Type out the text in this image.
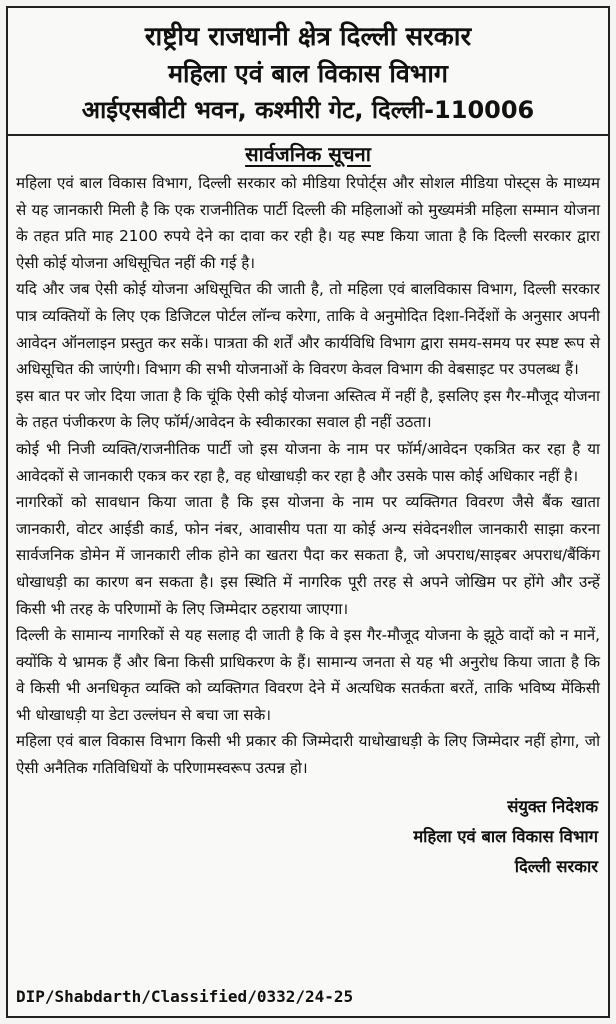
राष्ट्रीय राजधानी क्षेत्र दिल्ली सरकार
महिला एवं बाल विकास विभाग
आईएसबीटी भवन, कश्मीरी गेट, दिल्ली-110006
सार्वजनिक सूचना

महिला एवं बाल विकास विभाग, दिल्ली सरकार को मीडिया रिपोर्ट्स और सोशल मीडिया पोस्ट्स के माध्यम से यह जानकारी मिली है कि एक राजनीतिक पार्टी दिल्ली की महिलाओं को मुख्यमंत्री महिला सम्मान योजना के तहत प्रति माह 2100 रुपये देने का दावा कर रही है। यह स्पष्ट किया जाता है कि दिल्ली सरकार द्वारा ऐसी कोई योजना अधिसूचित नहीं की गई है।

यदि और जब ऐसी कोई योजना अधिसूचित की जाती है, तो महिला एवं बालविकास विभाग, दिल्ली सरकार पात्र व्यक्तियों के लिए एक डिजिटल पोर्टल लॉन्च करेगा, ताकि वे अनुमोदित दिशा-निर्देशों के अनुसार अपनी आवेदन ऑनलाइन प्रस्तुत कर सकें। पात्रता की शर्तें और कार्यविधि विभाग द्वारा समय-समय पर स्पष्ट रूप से अधिसूचित की जाएंगी। विभाग की सभी योजनाओं के विवरण केवल विभाग की वेबसाइट पर उपलब्ध हैं।

इस बात पर जोर दिया जाता है कि चूंकि ऐसी कोई योजना अस्तित्व में नहीं है, इसलिए इस गैर-मौजूद योजना के तहत पंजीकरण के लिए फॉर्म/आवेदन के स्वीकारका सवाल ही नहीं उठता।

कोई भी निजी व्यक्ति/राजनीतिक पार्टी जो इस योजना के नाम पर फॉर्म/आवेदन एकत्रित कर रहा है या आवेदकों से जानकारी एकत्र कर रहा है, वह धोखाधड़ी कर रहा है और उसके पास कोई अधिकार नहीं है।

नागरिकों को सावधान किया जाता है कि इस योजना के नाम पर व्यक्तिगत विवरण जैसे बैंक खाता जानकारी, वोटर आईडी कार्ड, फोन नंबर, आवासीय पता या कोई अन्य संवेदनशील जानकारी साझा करना सार्वजनिक डोमेन में जानकारी लीक होने का खतरा पैदा कर सकता है, जो अपराध/साइबर अपराध/बैंकिंग धोखाधड़ी का कारण बन सकता है। इस स्थिति में नागरिक पूरी तरह से अपने जोखिम पर होंगे और उन्हें किसी भी तरह के परिणामों के लिए जिम्मेदार ठहराया जाएगा।

दिल्ली के सामान्य नागरिकों से यह सलाह दी जाती है कि वे इस गैर-मौजूद योजना के झूठे वादों को न मानें, क्योंकि ये भ्रामक हैं और बिना किसी प्राधिकरण के हैं। सामान्य जनता से यह भी अनुरोध किया जाता है कि वे किसी भी अनधिकृत व्यक्ति को व्यक्तिगत विवरण देने में अत्यधिक सतर्कता बरतें, ताकि भविष्य मेंकिसी भी धोखाधड़ी या डेटा उल्लंघन से बचा जा सके।

महिला एवं बाल विकास विभाग किसी भी प्रकार की जिम्मेदारी याधोखाधड़ी के लिए जिम्मेदार नहीं होगा, जो ऐसी अनैतिक गतिविधियों के परिणामस्वरूप उत्पन्न हो।

संयुक्त निदेशक
महिला एवं बाल विकास विभाग
दिल्ली सरकार
DIP/Shabdarth/Classified/0332/24-25
